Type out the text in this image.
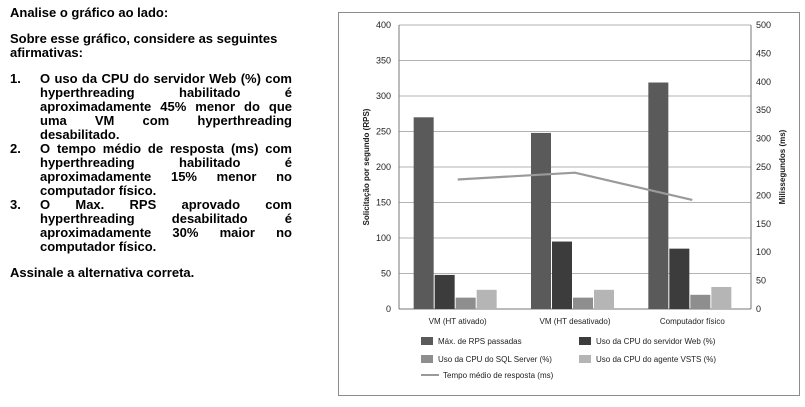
Analise o gráfico ao lado:

Sobre esse gráfico, considere as seguintes afirmativas:

1.	O uso da CPU do servidor Web (%) com hyperthreading habilitado é aproximadamente 45% menor do que uma VM com hyperthreading desabilitado.
2.	O tempo médio de resposta (ms) com hyperthreading habilitado é aproximadamente 15% menor no computador físico.
3.	O Max. RPS aprovado com hyperthreading desabilitado é aproximadamente 30% maior no computador físico.

Assinale a alternativa correta.

0
50
100
150
200
250
300
350
400
0
50
100
150
200
250
300
350
400
450
500
Solicitação por segundo (RPS)	Milissegundos (ms)
VM (HT ativado)	VM (HT desativado)	Computador físico
Máx. de RPS passadas	Uso da CPU do servidor Web (%)
Uso da CPU do SQL Server (%)	Uso da CPU do agente VSTS (%)
Tempo médio de resposta (ms)
